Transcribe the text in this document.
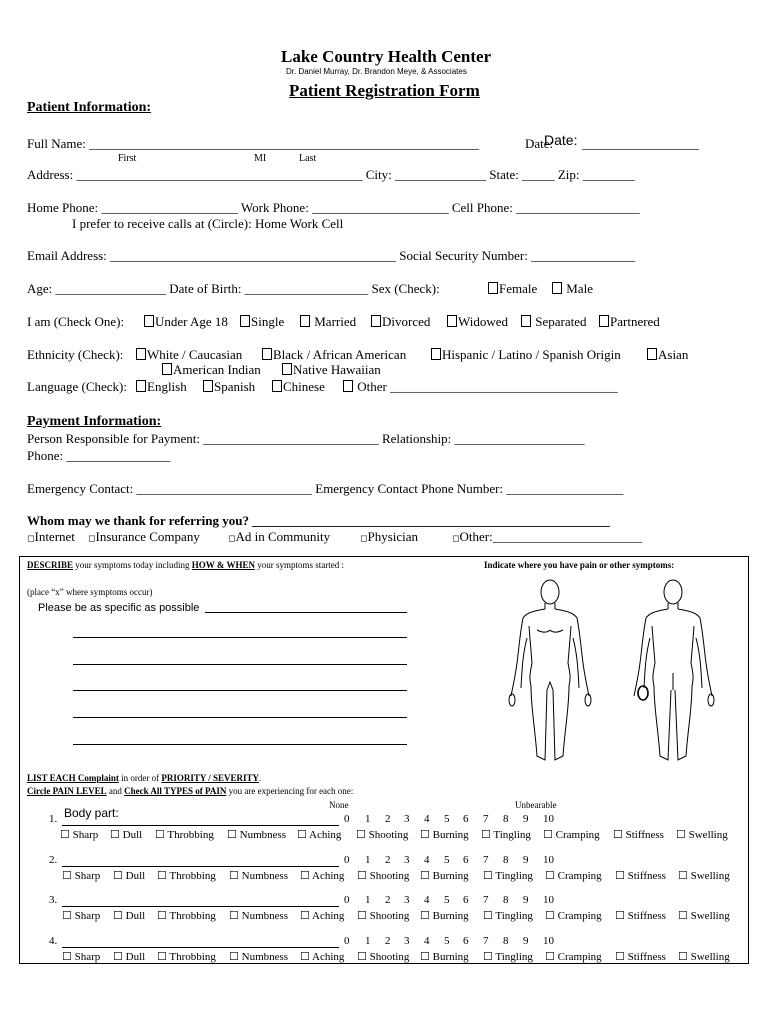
Lake Country Health Center
Dr. Daniel Murray, Dr. Brandon Meye, & Associates
Patient Registration Form
Patient Information:
Full Name: ____________________________________________________________	Date:
Date: __________________
First	MI	Last
Address: ____________________________________________ City: ______________ State: _____ Zip: ________
Home Phone: _____________________ Work Phone: _____________________ Cell Phone: ___________________
I prefer to receive calls at (Circle): Home Work Cell
Email Address: ____________________________________________ Social Security Number: ________________
Age: _________________ Date of Birth: ___________________ Sex (Check):	Female	Male
I am (Check One):	Under Age 18	Single	Married	Divorced	Widowed	Separated	Partnered
Ethnicity (Check):	White / Caucasian	Black / African American	Hispanic / Latino / Spanish Origin	Asian
American Indian	Native Hawaiian
Language (Check):	English	Spanish	Chinese	Other ___________________________________
Payment Information:
Person Responsible for Payment: ___________________________ Relationship: ____________________
Phone: ________________
Emergency Contact: ___________________________ Emergency Contact Phone Number: __________________
Whom may we thank for referring you? _______________________________________________________
◻Internet ◻Insurance Company	◻Ad in Community	◻Physician	◻Other:_______________________
DESCRIBE your symptoms today including HOW & WHEN your symptoms started :	Indicate where you have pain or other symptoms:
(place “x” where symptoms occur)
Please be as specific as possible
LIST EACH Complaint in order of PRIORITY / SEVERITY.
Circle PAIN LEVEL and Check All TYPES of PAIN you are experiencing for each one:
None	Unbearable
1. Body part:	0 1 2 3 4 5 6 7 8 9 10
☐ Sharp ☐ Dull ☐ Throbbing ☐ Numbness ☐ Aching ☐ Shooting ☐ Burning ☐ Tingling ☐ Cramping ☐ Stiffness ☐ Swelling
2.	0 1 2 3 4 5 6 7 8 9 10
☐ Sharp ☐ Dull ☐ Throbbing ☐ Numbness ☐ Aching ☐ Shooting ☐ Burning ☐ Tingling ☐ Cramping ☐ Stiffness ☐ Swelling
3.	0 1 2 3 4 5 6 7 8 9 10
☐ Sharp ☐ Dull ☐ Throbbing ☐ Numbness ☐ Aching ☐ Shooting ☐ Burning ☐ Tingling ☐ Cramping ☐ Stiffness ☐ Swelling
4.	0 1 2 3 4 5 6 7 8 9 10
☐ Sharp ☐ Dull ☐ Throbbing ☐ Numbness ☐ Aching ☐ Shooting ☐ Burning ☐ Tingling ☐ Cramping ☐ Stiffness ☐ Swelling
